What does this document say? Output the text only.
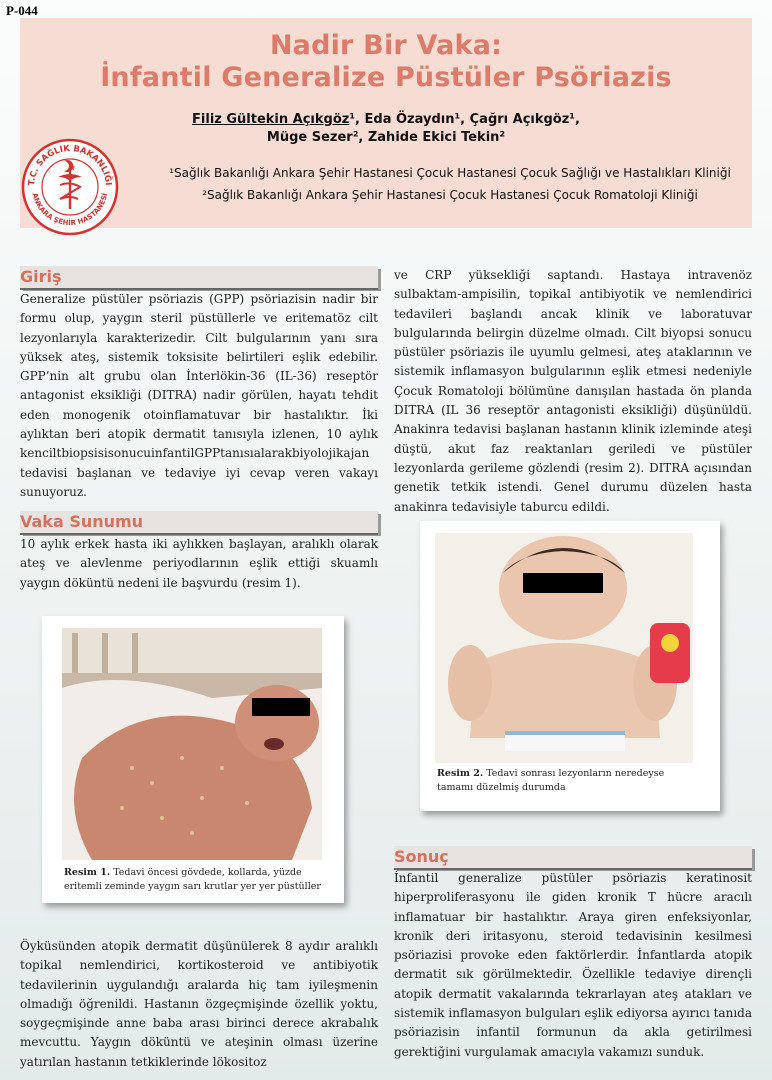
P-044
Nadir Bir Vaka:
İnfantil Generalize Püstüler Psöriazis
Filiz Gültekin Açıkgöz¹, Eda Özaydın¹, Çağrı Açıkgöz¹,
Müge Sezer², Zahide Ekici Tekin²
¹Sağlık Bakanlığı Ankara Şehir Hastanesi Çocuk Hastanesi Çocuk Sağlığı ve Hastalıkları Kliniği
²Sağlık Bakanlığı Ankara Şehir Hastanesi Çocuk Hastanesi Çocuk Romatoloji Kliniği
T.C. SAĞLIK BAKANLIĞI
ANKARA ŞEHİR HASTANESİ
Giriş
Generalize püstüler psöriazis (GPP) psöriazisin nadir bir formu olup, yaygın steril püstüllerle ve eritematöz cilt lezyonlarıyla karakterizedir. Cilt bulgularının yanı sıra yüksek ateş, sistemik toksisite belirtileri eşlik edebilir. GPP’nin alt grubu olan İnterlökin-36 (IL-36) reseptör antagonist eksikliği (DITRA) nadir görülen, hayatı tehdit eden monogenik otoinflamatuvar bir hastalıktır. İki aylıktan beri atopik dermatit tanısıyla izlenen, 10 aylık kenciltbiopsisisonucuinfantilGPPtanısıalarakbiyolojikajan tedavisi başlanan ve tedaviye iyi cevap veren vakayı sunuyoruz.
Vaka Sunumu
10 aylık erkek hasta iki aylıkken başlayan, aralıklı olarak ateş ve alevlenme periyodlarının eşlik ettiği skuamlı yaygın döküntü nedeni ile başvurdu (resim 1).
Resim 1. Tedavi öncesi gövdede, kollarda, yüzde eritemli zeminde yaygın sarı krutlar yer yer püstüller
Öyküsünden atopik dermatit düşünülerek 8 aydır aralıklı topikal nemlendirici, kortikosteroid ve antibiyotik tedavilerinin uygulandığı aralarda hiç tam iyileşmenin olmadığı öğrenildi. Hastanın özgeçmişinde özellik yoktu, soygeçmişinde anne baba arası birinci derece akrabalık mevcuttu. Yaygın döküntü ve ateşinin olması üzerine yatırılan hastanın tetkiklerinde lökositoz
ve CRP yüksekliği saptandı. Hastaya intravenöz sulbaktam-ampisilin, topikal antibiyotik ve nemlendirici tedavileri başlandı ancak klinik ve laboratuvar bulgularında belirgin düzelme olmadı. Cilt biyopsi sonucu püstüler psöriazis ile uyumlu gelmesi, ateş ataklarının ve sistemik inflamasyon bulgularının eşlik etmesi nedeniyle Çocuk Romatoloji bölümüne danışılan hastada ön planda DITRA (IL 36 reseptör antagonisti eksikliği) düşünüldü. Anakinra tedavisi başlanan hastanın klinik izleminde ateşi düştü, akut faz reaktanları geriledi ve püstüler lezyonlarda gerileme gözlendi (resim 2). DITRA açısından genetik tetkik istendi. Genel durumu düzelen hasta anakinra tedavisiyle taburcu edildi.
Resim 2. Tedavi sonrası lezyonların neredeyse tamamı düzelmiş durumda
Sonuç
İnfantil generalize püstüler psöriazis keratinosit hiperproliferasyonu ile giden kronik T hücre aracılı inflamatuar bir hastalıktır. Araya giren enfeksiyonlar, kronik deri iritasyonu, steroid tedavisinin kesilmesi psöriazisi provoke eden faktörlerdir. İnfantlarda atopik dermatit sık görülmektedir. Özellikle tedaviye dirençli atopik dermatit vakalarında tekrarlayan ateş atakları ve sistemik inflamasyon bulguları eşlik ediyorsa ayırıcı tanıda psöriazisin infantil formunun da akla getirilmesi gerektiğini vurgulamak amacıyla vakamızı sunduk.
